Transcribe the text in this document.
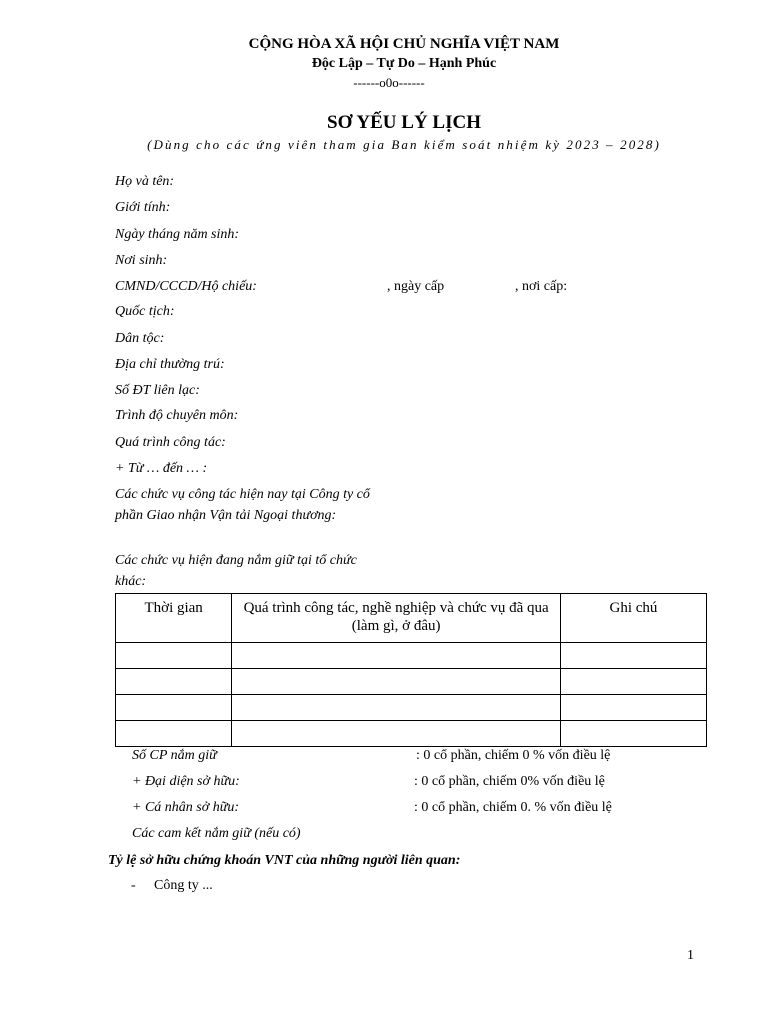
CỘNG HÒA XÃ HỘI CHỦ NGHĨA VIỆT NAM
Độc Lập – Tự Do – Hạnh Phúc
------o0o------
SƠ YẾU LÝ LỊCH
(Dùng cho các ứng viên tham gia Ban kiểm soát nhiệm kỳ 2023 – 2028)
Họ và tên:
Giới tính:
Ngày tháng năm sinh:
Nơi sinh:
CMND/CCCD/Hộ chiếu:	, ngày cấp	, nơi cấp:
Quốc tịch:
Dân tộc:
Địa chỉ thường trú:
Số ĐT liên lạc:
Trình độ chuyên môn:
Quá trình công tác:
+ Từ … đến … :
Các chức vụ công tác hiện nay tại Công ty cổ phần Giao nhận Vận tải Ngoại thương:
Các chức vụ hiện đang nắm giữ tại tổ chức khác:
Thời gian	Quá trình công tác, nghề nghiệp và chức vụ đã qua (làm gì, ở đâu)	Ghi chú

Số CP nắm giữ	: 0 cổ phần, chiếm 0 % vốn điều lệ
+ Đại diện sở hữu:	: 0 cổ phần, chiếm 0% vốn điều lệ
+ Cá nhân sở hữu:	: 0 cổ phần, chiếm 0. % vốn điều lệ
Các cam kết nắm giữ (nếu có)
Tỷ lệ sở hữu chứng khoán VNT của những người liên quan:
- Công ty ...
1
